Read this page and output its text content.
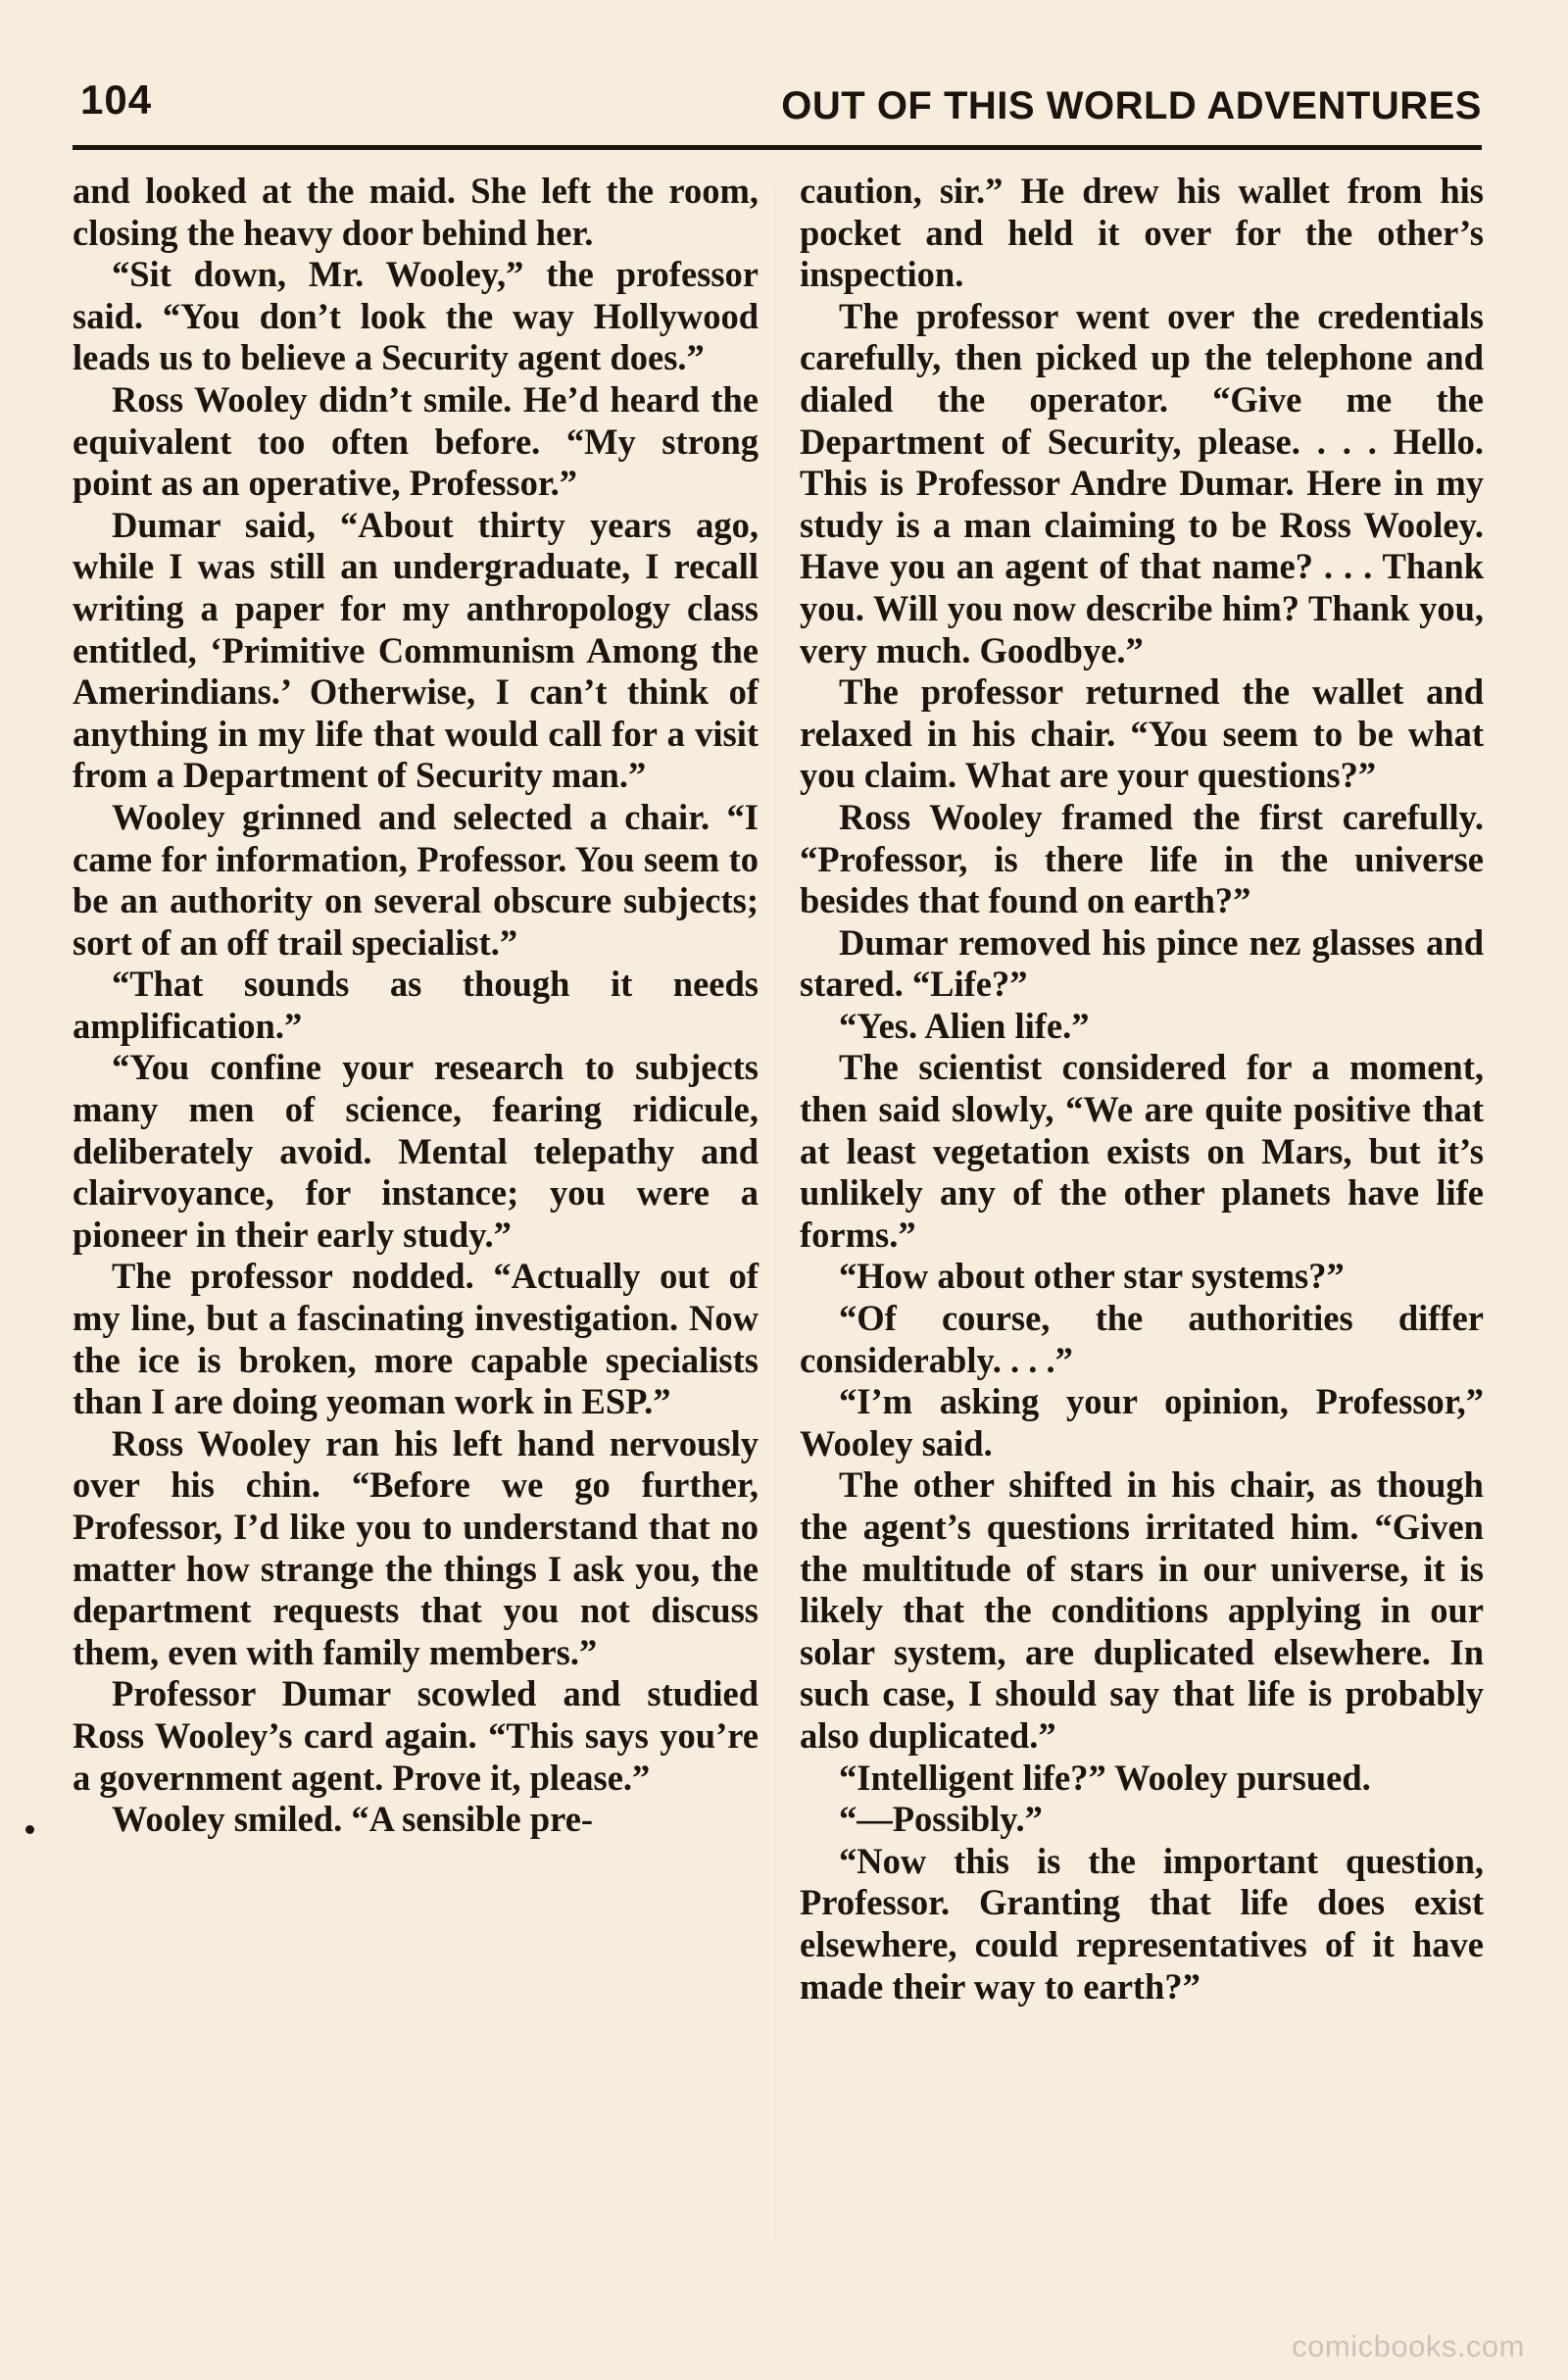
104	OUT OF THIS WORLD ADVENTURES

and looked at the maid. She left the room, closing the heavy door behind her.

“Sit down, Mr. Wooley,” the professor said. “You don’t look the way Hollywood leads us to believe a Security agent does.”

Ross Wooley didn’t smile. He’d heard the equivalent too often before. “My strong point as an operative, Professor.”

Dumar said, “About thirty years ago, while I was still an undergraduate, I recall writing a paper for my anthropology class entitled, ‘Primitive Communism Among the Amerindians.’ Otherwise, I can’t think of anything in my life that would call for a visit from a Department of Security man.”

Wooley grinned and selected a chair. “I came for information, Professor. You seem to be an authority on several obscure subjects; sort of an off trail specialist.”

“That sounds as though it needs amplification.”

“You confine your research to subjects many men of science, fearing ridicule, deliberately avoid. Mental telepathy and clairvoyance, for instance; you were a pioneer in their early study.”

The professor nodded. “Actually out of my line, but a fascinating investigation. Now the ice is broken, more capable specialists than I are doing yeoman work in ESP.”

Ross Wooley ran his left hand nervously over his chin. “Before we go further, Professor, I’d like you to understand that no matter how strange the things I ask you, the department requests that you not discuss them, even with family members.”

Professor Dumar scowled and studied Ross Wooley’s card again. “This says you’re a government agent. Prove it, please.”

Wooley smiled. “A sensible pre-

caution, sir.” He drew his wallet from his pocket and held it over for the other’s inspection.

The professor went over the credentials carefully, then picked up the telephone and dialed the operator. “Give me the Department of Security, please. . . . Hello. This is Professor Andre Dumar. Here in my study is a man claiming to be Ross Wooley. Have you an agent of that name? . . . Thank you. Will you now describe him? Thank you, very much. Goodbye.”

The professor returned the wallet and relaxed in his chair. “You seem to be what you claim. What are your questions?”

Ross Wooley framed the first carefully. “Professor, is there life in the universe besides that found on earth?”

Dumar removed his pince nez glasses and stared. “Life?”

“Yes. Alien life.”

The scientist considered for a moment, then said slowly, “We are quite positive that at least vegetation exists on Mars, but it’s unlikely any of the other planets have life forms.”

“How about other star systems?”

“Of course, the authorities differ considerably. . . .”

“I’m asking your opinion, Professor,” Wooley said.

The other shifted in his chair, as though the agent’s questions irritated him. “Given the multitude of stars in our universe, it is likely that the conditions applying in our solar system, are duplicated elsewhere. In such case, I should say that life is probably also duplicated.”

“Intelligent life?” Wooley pursued.

“—Possibly.”

“Now this is the important question, Professor. Granting that life does exist elsewhere, could representatives of it have made their way to earth?”

comicbooks.com
